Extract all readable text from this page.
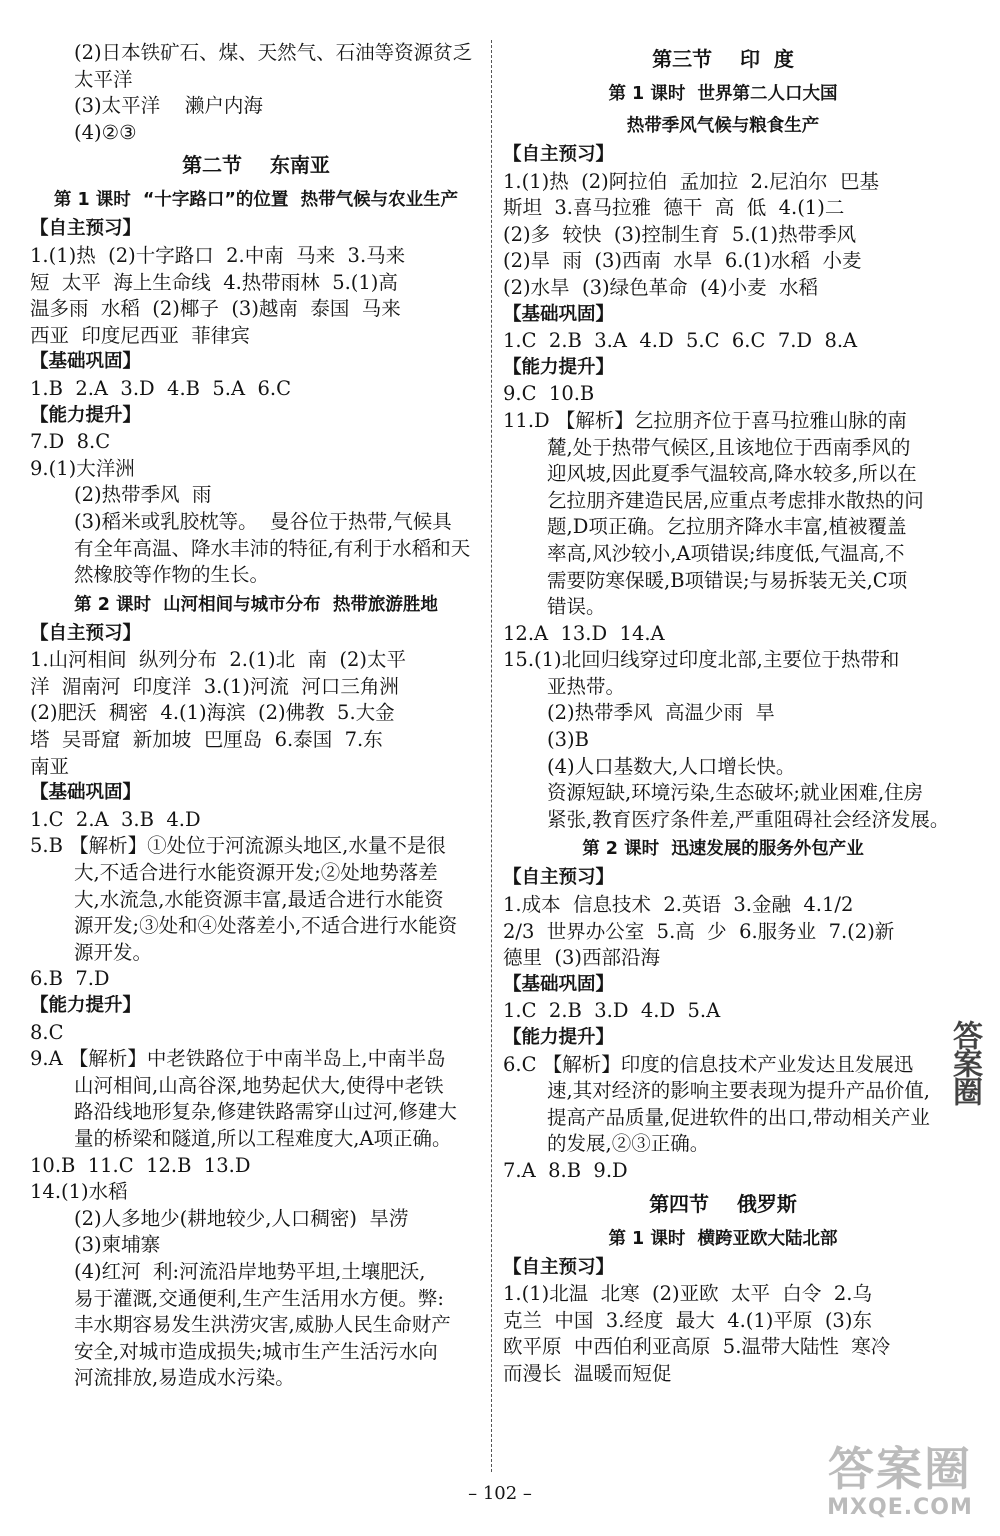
(2)日本铁矿石、煤、天然气、石油等资源贫乏
太平洋
(3)太平洋    濑户内海
(4)②③
第二节    东南亚
第 1 课时  “十字路口”的位置  热带气候与农业生产
【自主预习】
1.(1)热  (2)十字路口  2.中南  马来  3.马来
短  太平  海上生命线  4.热带雨林  5.(1)高
温多雨  水稻  (2)椰子  (3)越南  泰国  马来
西亚  印度尼西亚  菲律宾
【基础巩固】
1.B  2.A  3.D  4.B  5.A  6.C
【能力提升】
7.D  8.C
9.(1)大洋洲
(2)热带季风  雨
(3)稻米或乳胶枕等。  曼谷位于热带,气候具
有全年高温、降水丰沛的特征,有利于水稻和天
然橡胶等作物的生长。
第 2 课时  山河相间与城市分布  热带旅游胜地
【自主预习】
1.山河相间  纵列分布  2.(1)北  南  (2)太平
洋  湄南河  印度洋  3.(1)河流  河口三角洲
(2)肥沃  稠密  4.(1)海滨  (2)佛教  5.大金
塔  吴哥窟  新加坡  巴厘岛  6.泰国  7.东
南亚
【基础巩固】
1.C  2.A  3.B  4.D
5.B 【解析】①处位于河流源头地区,水量不是很
大,不适合进行水能资源开发;②处地势落差
大,水流急,水能资源丰富,最适合进行水能资
源开发;③处和④处落差小,不适合进行水能资
源开发。
6.B  7.D
【能力提升】
8.C
9.A 【解析】中老铁路位于中南半岛上,中南半岛
山河相间,山高谷深,地势起伏大,使得中老铁
路沿线地形复杂,修建铁路需穿山过河,修建大
量的桥梁和隧道,所以工程难度大,A项正确。
10.B  11.C  12.B  13.D
14.(1)水稻
(2)人多地少(耕地较少,人口稠密)  旱涝
(3)柬埔寨
(4)红河  利:河流沿岸地势平坦,土壤肥沃,
易于灌溉,交通便利,生产生活用水方便。弊:
丰水期容易发生洪涝灾害,威胁人民生命财产
安全,对城市造成损失;城市生产生活污水向
河流排放,易造成水污染。
第三节    印  度
第 1 课时  世界第二人口大国
热带季风气候与粮食生产
【自主预习】
1.(1)热  (2)阿拉伯  孟加拉  2.尼泊尔  巴基
斯坦  3.喜马拉雅  德干  高  低  4.(1)二
(2)多  较快  (3)控制生育  5.(1)热带季风
(2)旱  雨  (3)西南  水旱  6.(1)水稻  小麦
(2)水旱  (3)绿色革命  (4)小麦  水稻
【基础巩固】
1.C  2.B  3.A  4.D  5.C  6.C  7.D  8.A
【能力提升】
9.C  10.B
11.D 【解析】乞拉朋齐位于喜马拉雅山脉的南
麓,处于热带气候区,且该地位于西南季风的
迎风坡,因此夏季气温较高,降水较多,所以在
乞拉朋齐建造民居,应重点考虑排水散热的问
题,D项正确。乞拉朋齐降水丰富,植被覆盖
率高,风沙较小,A项错误;纬度低,气温高,不
需要防寒保暖,B项错误;与易拆装无关,C项
错误。
12.A  13.D  14.A
15.(1)北回归线穿过印度北部,主要位于热带和
亚热带。
(2)热带季风  高温少雨  旱
(3)B
(4)人口基数大,人口增长快。
资源短缺,环境污染,生态破坏;就业困难,住房
紧张,教育医疗条件差,严重阻碍社会经济发展。
第 2 课时  迅速发展的服务外包产业
【自主预习】
1.成本  信息技术  2.英语  3.金融  4.1/2
2/3  世界办公室  5.高  少  6.服务业  7.(2)新
德里  (3)西部沿海
【基础巩固】
1.C  2.B  3.D  4.D  5.A
【能力提升】
6.C 【解析】印度的信息技术产业发达且发展迅
速,其对经济的影响主要表现为提升产品价值,
提高产品质量,促进软件的出口,带动相关产业
的发展,②③正确。
7.A  8.B  9.D
第四节    俄罗斯
第 1 课时  横跨亚欧大陆北部
【自主预习】
1.(1)北温  北寒  (2)亚欧  太平  白令  2.乌
克兰  中国  3.经度  最大  4.(1)平原  (3)东
欧平原  中西伯利亚高原  5.温带大陆性  寒冷
而漫长  温暖而短促
– 102 –
答案圈
答案圈
MXQE.COM
